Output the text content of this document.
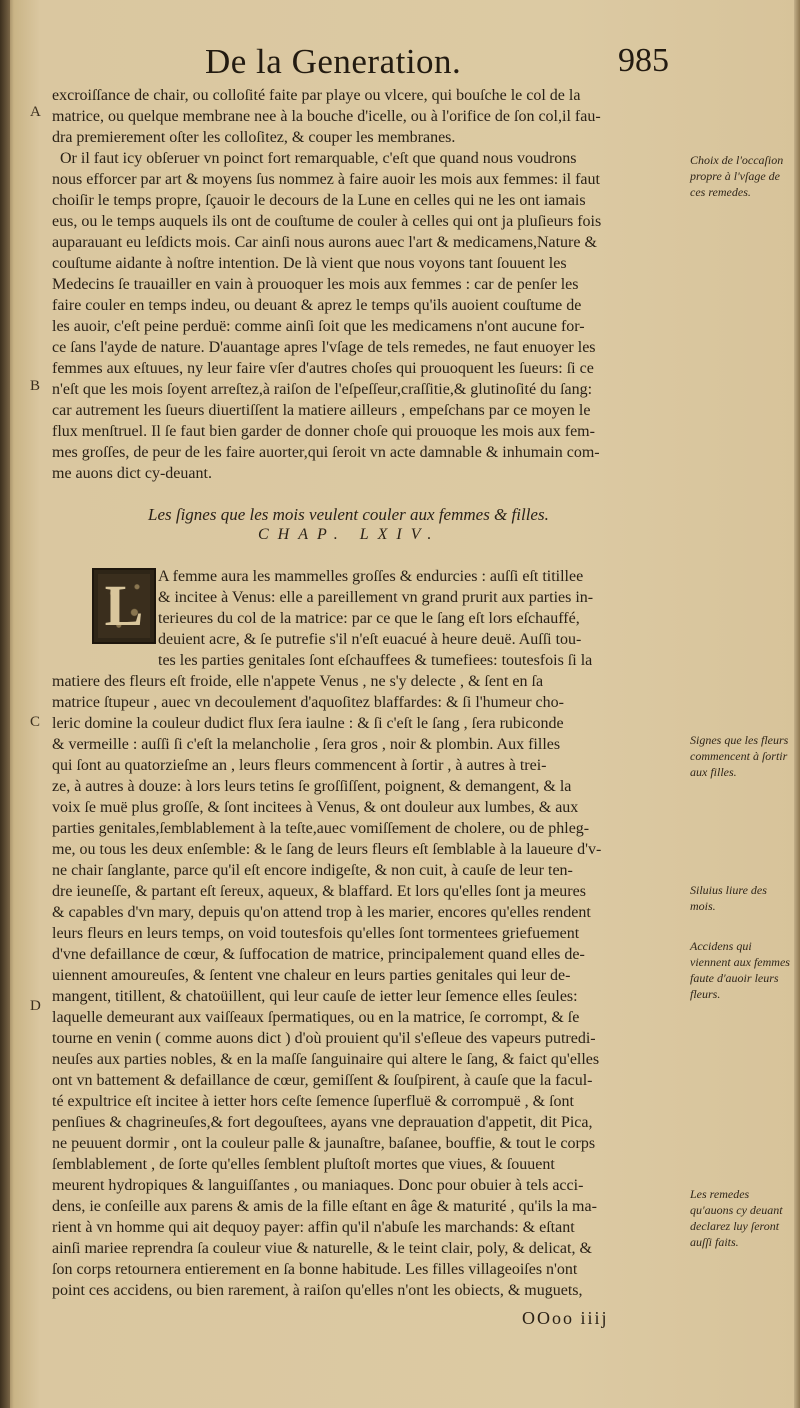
De la Generation.	985
A
B
C
D
excroiſſance de chair, ou colloſité faite par playe ou vlcere, qui bouſche le col de la
matrice, ou quelque membrane nee à la bouche d'icelle, ou à l'orifice de ſon col,il fau-
dra premierement oſter les colloſitez, & couper les membranes.
Or il faut icy obſeruer vn poinct fort remarquable, c'eſt que quand nous voudrons
nous efforcer par art & moyens ſus nommez à faire auoir les mois aux femmes: il faut
choiſir le temps propre, ſçauoir le decours de la Lune en celles qui ne les ont iamais
eus, ou le temps auquels ils ont de couſtume de couler à celles qui ont ja pluſieurs fois
auparauant eu leſdicts mois. Car ainſi nous aurons auec l'art & medicamens,Nature &
couſtume aidante à noſtre intention. De là vient que nous voyons tant ſouuent les
Medecins ſe trauailler en vain à prouoquer les mois aux femmes : car de penſer les
faire couler en temps indeu, ou deuant & aprez le temps qu'ils auoient couſtume de
les auoir, c'eſt peine perduë: comme ainſi ſoit que les medicamens n'ont aucune for-
ce ſans l'ayde de nature. D'auantage apres l'vſage de tels remedes, ne faut enuoyer les
femmes aux eſtuues, ny leur faire vſer d'autres choſes qui prouoquent les ſueurs: ſi ce
n'eſt que les mois ſoyent arreſtez,à raiſon de l'eſpeſſeur,craſſitie,& glutinoſité du ſang:
car autrement les ſueurs diuertiſſent la matiere ailleurs , empeſchans par ce moyen le
flux menſtruel. Il ſe faut bien garder de donner choſe qui prouoque les mois aux fem-
mes groſſes, de peur de les faire auorter,qui ſeroit vn acte damnable & inhumain com-
me auons dict cy-deuant.
Les ſignes que les mois veulent couler aux femmes & filles.
CHAP. LXIV.
L A femme aura les mammelles groſſes & endurcies : auſſi eſt titillee
& incitee à Venus: elle a pareillement vn grand prurit aux parties in-
terieures du col de la matrice: par ce que le ſang eſt lors eſchauffé,
deuient acre, & ſe putrefie s'il n'eſt euacué à heure deuë. Auſſi tou-
tes les parties genitales ſont eſchauffees & tumefiees: toutesfois ſi la
matiere des fleurs eſt froide, elle n'appete Venus , ne s'y delecte , & ſent en ſa
matrice ſtupeur , auec vn decoulement d'aquoſitez blaffardes: & ſi l'humeur cho-
leric domine la couleur dudict flux ſera iaulne : & ſi c'eſt le ſang , ſera rubiconde
& vermeille : auſſi ſi c'eſt la melancholie , ſera gros , noir & plombin. Aux filles
qui ſont au quatorzieſme an , leurs fleurs commencent à ſortir , à autres à trei-
ze, à autres à douze: à lors leurs tetins ſe groſſiſſent, poignent, & demangent, & la
voix ſe muë plus groſſe, & ſont incitees à Venus, & ont douleur aux lumbes, & aux
parties genitales,ſemblablement à la teſte,auec vomiſſement de cholere, ou de phleg-
me, ou tous les deux enſemble: & le ſang de leurs fleurs eſt ſemblable à la laueure d'v-
ne chair ſanglante, parce qu'il eſt encore indigeſte, & non cuit, à cauſe de leur ten-
dre ieuneſſe, & partant eſt ſereux, aqueux, & blaffard. Et lors qu'elles ſont ja meures
& capables d'vn mary, depuis qu'on attend trop à les marier, encores qu'elles rendent
leurs fleurs en leurs temps, on void toutesfois qu'elles ſont tormentees griefuement
d'vne defaillance de cœur, & ſuffocation de matrice, principalement quand elles de-
uiennent amoureuſes, & ſentent vne chaleur en leurs parties genitales qui leur de-
mangent, titillent, & chatoüillent, qui leur cauſe de ietter leur ſemence elles ſeules:
laquelle demeurant aux vaiſſeaux ſpermatiques, ou en la matrice, ſe corrompt, & ſe
tourne en venin ( comme auons dict ) d'où prouient qu'il s'eſleue des vapeurs putredi-
neuſes aux parties nobles, & en la maſſe ſanguinaire qui altere le ſang, & faict qu'elles
ont vn battement & defaillance de cœur, gemiſſent & ſouſpirent, à cauſe que la facul-
té expultrice eſt incitee à ietter hors ceſte ſemence ſuperfluë & corrompuë , & ſont
penſiues & chagrineuſes,& fort degouſtees, ayans vne deprauation d'appetit, dit Pica,
ne peuuent dormir , ont la couleur palle & jaunaſtre, baſanee, bouffie, & tout le corps
ſemblablement , de ſorte qu'elles ſemblent pluſtoſt mortes que viues, & ſouuent
meurent hydropiques & languiſſantes , ou maniaques. Donc pour obuier à tels acci-
dens, ie conſeille aux parens & amis de la fille eſtant en âge & maturité , qu'ils la ma-
rient à vn homme qui ait dequoy payer: affin qu'il n'abuſe les marchands: & eſtant
ainſi mariee reprendra ſa couleur viue & naturelle, & le teint clair, poly, & delicat, &
ſon corps retournera entierement en ſa bonne habitude. Les filles villageoiſes n'ont
point ces accidens, ou bien rarement, à raiſon qu'elles n'ont les obiects, & muguets,
OOoo iiij
Choix de l'occaſion propre à l'vſage de ces remedes.
Signes que les fleurs commencent à ſortir aux filles.
Siluius liure des mois.
Accidens qui viennent aux femmes faute d'auoir leurs fleurs.
Les remedes qu'auons cy deuant declarez luy ſeront auſſi faits.
